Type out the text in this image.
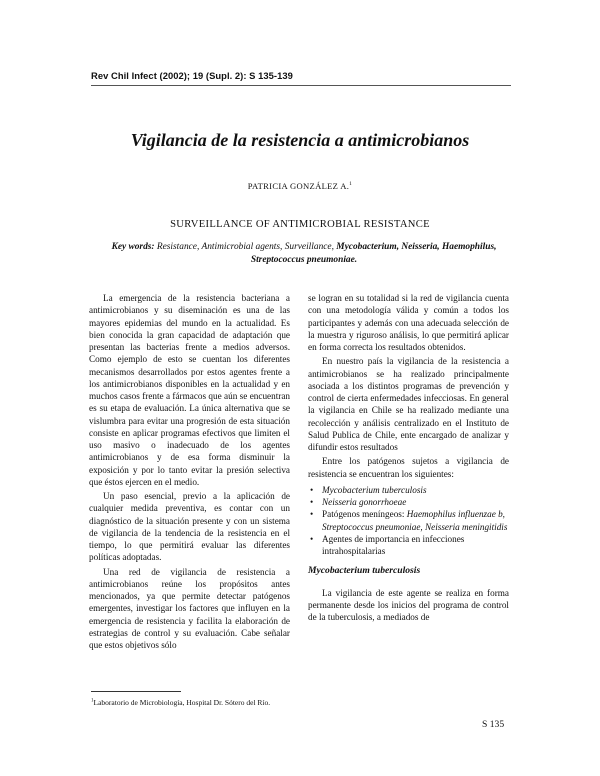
Rev Chil Infect (2002); 19 (Supl. 2): S 135-139
Vigilancia de la resistencia a antimicrobianos
PATRICIA GONZÁLEZ A.$^1$
SURVEILLANCE OF ANTIMICROBIAL RESISTANCE
Key words: Resistance, Antimicrobial agents, Surveillance, Mycobacterium, Neisseria, Haemophilus, Streptococcus pneumoniae.

La emergencia de la resistencia bacteriana a antimicrobianos y su diseminación es una de las mayores epidemias del mundo en la actualidad. Es bien conocida la gran capacidad de adaptación que presentan las bacterias frente a medios adversos. Como ejemplo de esto se cuentan los diferentes mecanismos desarrollados por estos agentes frente a los antimicrobianos disponibles en la actualidad y en muchos casos frente a fármacos que aún se encuentran es su etapa de evaluación. La única alternativa que se vislumbra para evitar una progresión de esta situación consiste en aplicar programas efectivos que limiten el uso masivo o inadecuado de los agentes antimicrobianos y de esa forma disminuir la exposición y por lo tanto evitar la presión selectiva que éstos ejercen en el medio.

Un paso esencial, previo a la aplicación de cualquier medida preventiva, es contar con un diagnóstico de la situación presente y con un sistema de vigilancia de la tendencia de la resistencia en el tiempo, lo que permitirá evaluar las diferentes políticas adoptadas.

Una red de vigilancia de resistencia a antimicrobianos reúne los propósitos antes mencionados, ya que permite detectar patógenos emergentes, investigar los factores que influyen en la emergencia de resistencia y facilita la elaboración de estrategias de control y su evaluación. Cabe señalar que estos objetivos sólo

se logran en su totalidad si la red de vigilancia cuenta con una metodología válida y común a todos los participantes y además con una adecuada selección de la muestra y riguroso análisis, lo que permitirá aplicar en forma correcta los resultados obtenidos.

En nuestro país la vigilancia de la resistencia a antimicrobianos se ha realizado principalmente asociada a los distintos programas de prevención y control de cierta enfermedades infecciosas. En general la vigilancia en Chile se ha realizado mediante una recolección y análisis centralizado en el Instituto de Salud Publica de Chile, ente encargado de analizar y difundir estos resultados

Entre los patógenos sujetos a vigilancia de resistencia se encuentran los siguientes:

• Mycobacterium tuberculosis
• Neisseria gonorrhoeae
• Patógenos meníngeos: Haemophilus influenzae b, Streptococcus pneumoniae, Neisseria meningitidis
• Agentes de importancia en infecciones intrahospitalarias
Mycobacterium tuberculosis

La vigilancia de este agente se realiza en forma permanente desde los inicios del programa de control de la tuberculosis, a mediados de

$^1$Laboratorio de Microbiología, Hospital Dr. Sótero del Río.
S 135
